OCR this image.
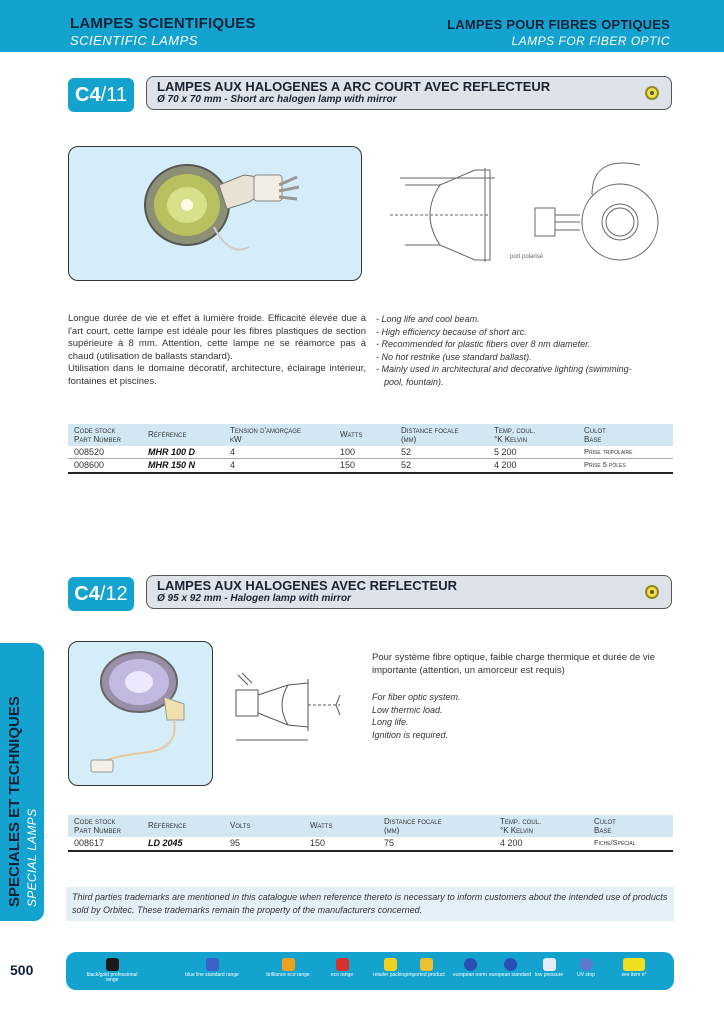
LAMPES SCIENTIFIQUES
SCIENTIFIC LAMPS
LAMPES POUR FIBRES OPTIQUES
LAMPS FOR FIBER OPTIC
C4 /11 LAMPES AUX HALOGENES A ARC COURT AVEC REFLECTEUR
Ø 70 x 70 mm - Short arc halogen lamp with mirror
port polarisé

Longue durée de vie et effet à lumière froide. Efficacité élevée due à l'art court, cette lampe est idéale pour les fibres plastiques de section supérieure à 8 mm. Attention, cette lampe ne se réamorce pas à chaud (utilisation de ballasts standard).

Utilisation dans le domaine décoratif, architecture, éclairage intérieur, fontaines et piscines.

- Long life and cool beam.
- High efficiency because of short arc.
- Recommended for plastic fibers over 8 nm diameter.
- No hot restrike (use standard ballast).
- Mainly used in architectural and decorative lighting (swimming-
pool, fountain).
Code stock
Part Number
Référence	Tension d'amorçage
kW
Watts	Distance focale
(mm)
Temp. coul.
°K Kelvin
Culot
Base
008520	MHR 100 D	4	100	52	5 200	Prise tripolaire
008600	MHR 150 N	4	150	52	4 200	Prise 5 pôles
C4 /12 LAMPES AUX HALOGENES AVEC REFLECTEUR
Ø 95 x 92 mm - Halogen lamp with mirror
Pour système fibre optique, faible charge thermique et durée de vie importante (attention, un amorceur est requis)
For fiber optic system.
Low thermic load.
Long life.
Ignition is required.
Code stock
Part Number
Référence	Volts	Watts	Distance focale
(mm)
Temp. coul.
°K Kelvin
Culot
Base
008617	LD 2045	95	150	75	4 200	Fiche/Spécial
SPECIALES ET TECHNIQUES SPECIAL LAMPS	Third parties trademarks are mentioned in this catalogue when reference thereto is necessary to inform customers about the intended use of products sold by Orbitec. These trademarks remain the property of the manufacturers concerned.

500	black/gold professional range
blue line standard range	brilliance eco range	eco range	retailer packing imported product	european norm european standard low pressure	UV stop	see item n°
